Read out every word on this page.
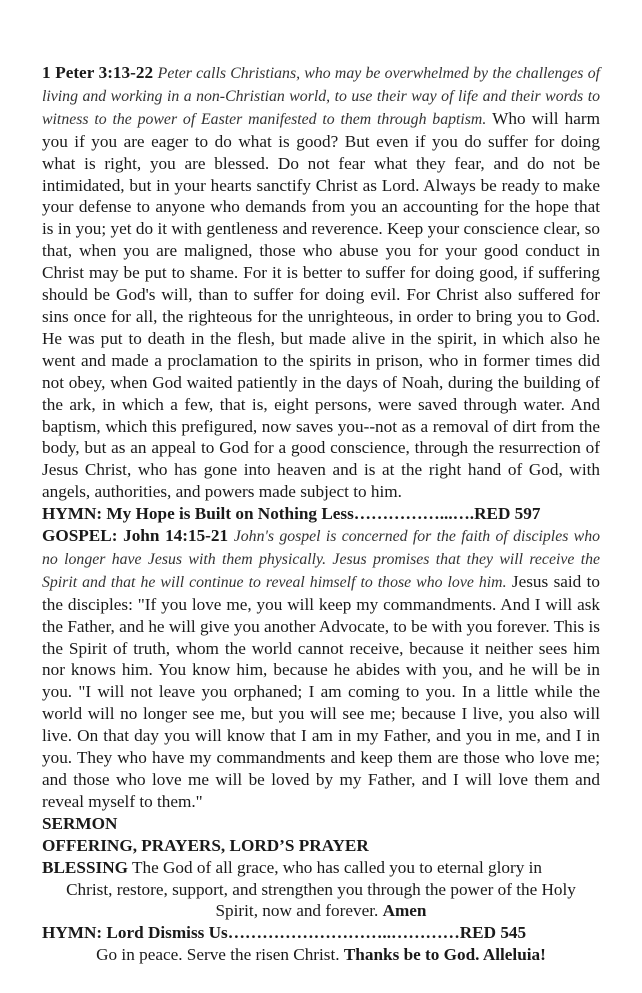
1 Peter 3:13-22 Peter calls Christians, who may be overwhelmed by the challenges of living and working in a non-Christian world, to use their way of life and their words to witness to the power of Easter manifested to them through baptism. Who will harm you if you are eager to do what is good? But even if you do suffer for doing what is right, you are blessed. Do not fear what they fear, and do not be intimidated, but in your hearts sanctify Christ as Lord. Always be ready to make your defense to anyone who demands from you an accounting for the hope that is in you; yet do it with gentleness and reverence. Keep your conscience clear, so that, when you are maligned, those who abuse you for your good conduct in Christ may be put to shame. For it is better to suffer for doing good, if suffering should be God's will, than to suffer for doing evil. For Christ also suffered for sins once for all, the righteous for the unrighteous, in order to bring you to God. He was put to death in the flesh, but made alive in the spirit, in which also he went and made a proclamation to the spirits in prison, who in former times did not obey, when God waited patiently in the days of Noah, during the building of the ark, in which a few, that is, eight persons, were saved through water. And baptism, which this prefigured, now saves you--not as a removal of dirt from the body, but as an appeal to God for a good conscience, through the resurrection of Jesus Christ, who has gone into heaven and is at the right hand of God, with angels, authorities, and powers made subject to him.

HYMN: My Hope is Built on Nothing Less……………...….RED 597

GOSPEL: John 14:15-21 John's gospel is concerned for the faith of disciples who no longer have Jesus with them physically. Jesus promises that they will receive the Spirit and that he will continue to reveal himself to those who love him. Jesus said to the disciples: "If you love me, you will keep my commandments. And I will ask the Father, and he will give you another Advocate, to be with you forever. This is the Spirit of truth, whom the world cannot receive, because it neither sees him nor knows him. You know him, because he abides with you, and he will be in you. "I will not leave you orphaned; I am coming to you. In a little while the world will no longer see me, but you will see me; because I live, you also will live. On that day you will know that I am in my Father, and you in me, and I in you. They who have my commandments and keep them are those who love me; and those who love me will be loved by my Father, and I will love them and reveal myself to them."

SERMON

OFFERING, PRAYERS, LORD’S PRAYER

BLESSING The God of all grace, who has called you to eternal glory in

Christ, restore, support, and strengthen you through the power of the Holy Spirit, now and forever. Amen

HYMN: Lord Dismiss Us………………………..…………RED 545

Go in peace. Serve the risen Christ. Thanks be to God. Alleluia!
